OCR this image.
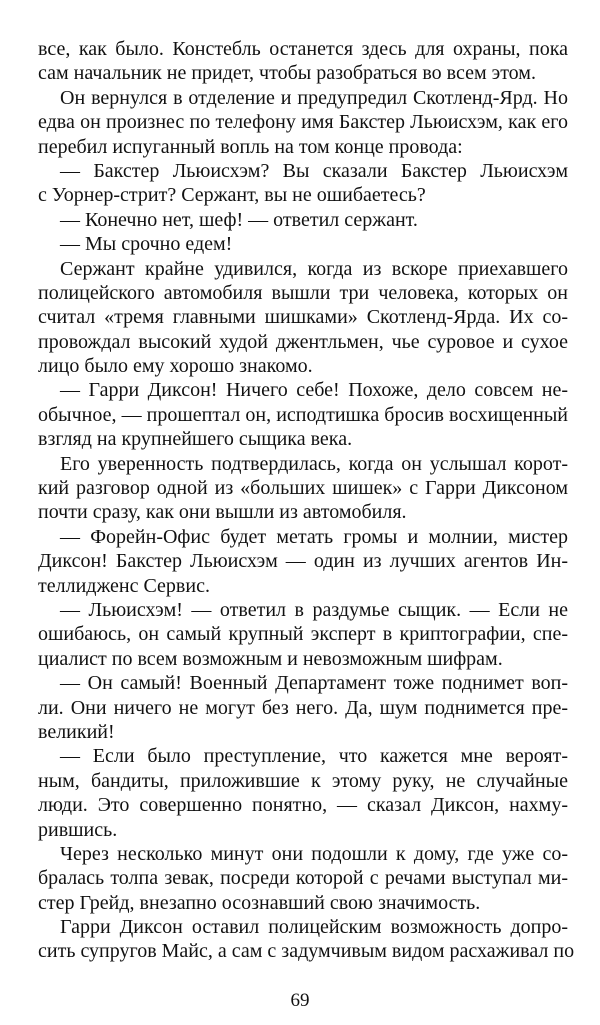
все, как было. Констебль останется здесь для охраны, пока
сам начальник не придет, чтобы разобраться во всем этом.
Он вернулся в отделение и предупредил Скотленд-Ярд. Но
едва он произнес по телефону имя Бакстер Льюисхэм, как его
перебил испуганный вопль на том конце провода:
— Бакстер Льюисхэм? Вы сказали Бакстер Льюисхэм
с Уорнер-стрит? Сержант, вы не ошибаетесь?
— Конечно нет, шеф! — ответил сержант.
— Мы срочно едем!
Сержант крайне удивился, когда из вскоре приехавшего
полицейского автомобиля вышли три человека, которых он
считал «тремя главными шишками» Скотленд-Ярда. Их со-
провождал высокий худой джентльмен, чье суровое и сухое
лицо было ему хорошо знакомо.
— Гарри Диксон! Ничего себе! Похоже, дело совсем не-
обычное, — прошептал он, исподтишка бросив восхищенный
взгляд на крупнейшего сыщика века.
Его уверенность подтвердилась, когда он услышал корот-
кий разговор одной из «больших шишек» с Гарри Диксоном
почти сразу, как они вышли из автомобиля.
— Форейн-Офис будет метать громы и молнии, мистер
Диксон! Бакстер Льюисхэм — один из лучших агентов Ин-
теллидженс Сервис.
— Льюисхэм! — ответил в раздумье сыщик. — Если не
ошибаюсь, он самый крупный эксперт в криптографии, спе-
циалист по всем возможным и невозможным шифрам.
— Он самый! Военный Департамент тоже поднимет воп-
ли. Они ничего не могут без него. Да, шум поднимется пре-
великий!
— Если было преступление, что кажется мне вероят-
ным, бандиты, приложившие к этому руку, не случайные
люди. Это совершенно понятно, — сказал Диксон, нахму-
рившись.
Через несколько минут они подошли к дому, где уже со-
бралась толпа зевак, посреди которой с речами выступал ми-
стер Грейд, внезапно осознавший свою значимость.
Гарри Диксон оставил полицейским возможность допро-
сить супругов Майс, а сам с задумчивым видом расхаживал по
69
